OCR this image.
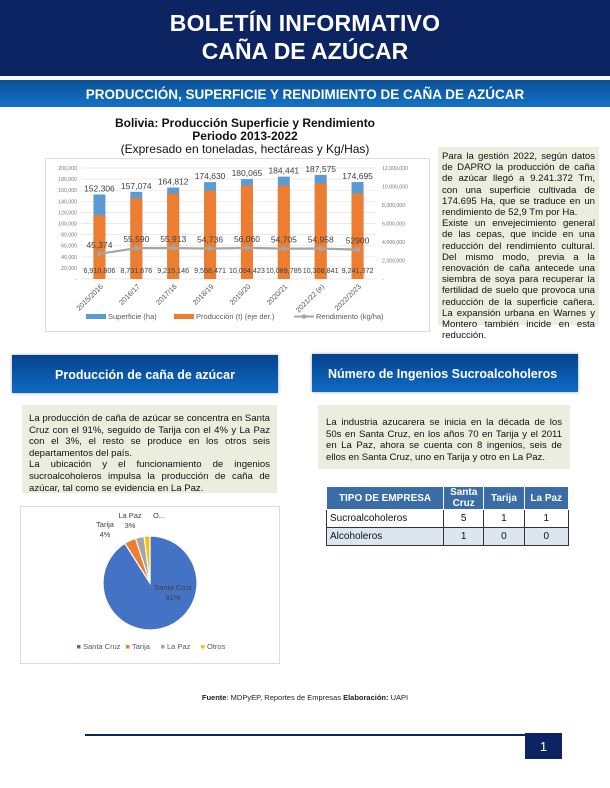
BOLETÍN INFORMATIVO
CAÑA DE AZÚCAR
PRODUCCIÓN, SUPERFICIE Y RENDIMIENTO DE CAÑA DE AZÚCAR
Bolivia: Producción Superficie y Rendimiento
Periodo 2013-2022
(Expresado en toneladas, hectáreas y Kg/Has)
-
20,000
40,000
60,000
80,000
100,000
120,000
140,000
160,000
180,000
200,000
-
2,000,000
4,000,000
6,000,000
8,000,000
10,000,000
12,000,000
152,306
45,374
6,910,806
2015/2016
157,074
55,590
8,731,676
2016/17
164,812
55,913
9,215,146
2017/18
174,630
54,736
9,558,471
2018/19
180,065
56,060
10,094,423
2019/20
184,441
54,705
10,089,785
2020/21
187,575
54,958
10,308,841
2021/22 (e)
174,695
52900
9,241,372
2022/2023
Superficie (ha)	Producción (t) (eje der.)	Rendimiento (kg/ha)

Para la gestión 2022, según datos de DAPRO la producción de caña de azúcar llegó a 9.241.372 Tm, con una superficie cultivada de 174.695 Ha, que se traduce en un rendimiento de 52,9 Tm por Ha.

Existe un envejecimiento general de las cepas, que incide en una reducción del rendimiento cultural. Del mismo modo, previa a la renovación de caña antecede una siembra de soya para recuperar la fertilidad de suelo que provoca una reducción de la superficie cañera. La expansión urbana en Warnes y Montero también incide en esta reducción.

Producción de caña de azúcar

La producción de caña de azúcar se concentra en Santa Cruz con el 91%, seguido de Tarija con el 4% y La Paz con el 3%, el resto se produce en los otros seis departamentos del país.

La ubicación y el funcionamiento de ingenios sucroalcoholeros impulsa la producción de caña de azúcar, tal como se evidencia en La Paz.

Santa Cruz
91%
Tarija
4%
La Paz
3%
O...
Santa Cruz Tarija La Paz Otros
Número de Ingenios Sucroalcoholeros

La industria azucarera se inicia en la década de los 50s en Santa Cruz, en los años 70 en Tarija y el 2011 en La Paz, ahora se cuenta con 8 ingenios, seis de ellos en Santa Cruz, uno en Tarija y otro en La Paz.

TIPO DE EMPRESA	Santa Cruz	Tarija	La Paz
Sucroalcoholeros	5	1	1
Alcoholeros	1	0	0
Fuente: MDPyEP, Reportes de Empresas Elaboración: UAPI
1
